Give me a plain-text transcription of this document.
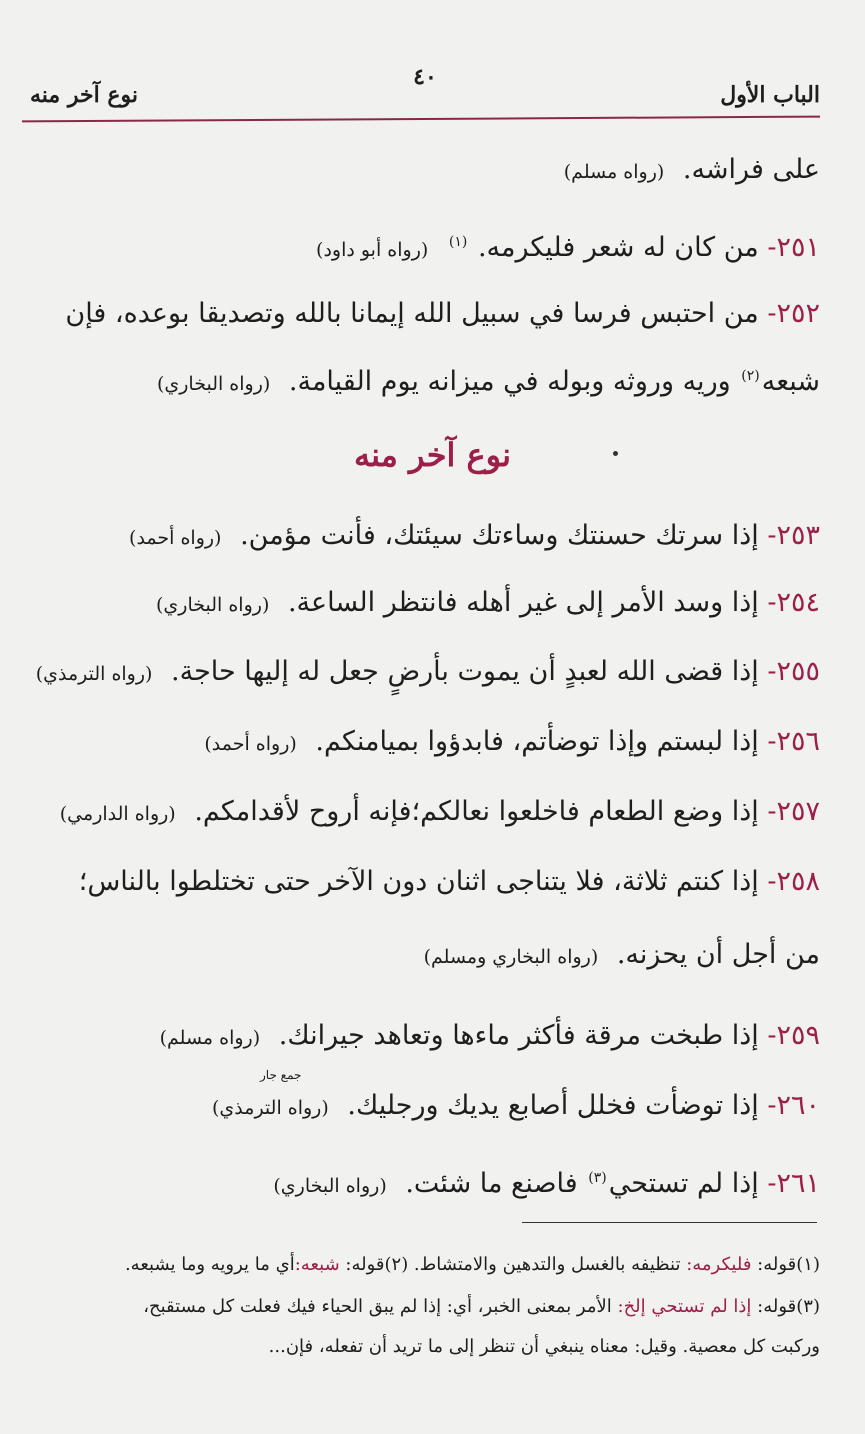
الباب الأول
٤٠
نوع آخر منه
على فراشه. (رواه مسلم)
٢٥١- من كان له شعر فليكرمه. $^{(١)}$ (رواه أبو داود)
٢٥٢- من احتبس فرسا في سبيل الله إيمانا بالله وتصديقا بوعده، فإن
شبعه$^{(٢)}$ وريه وروثه وبوله في ميزانه يوم القيامة. (رواه البخاري)
نوع آخر منه
٢٥٣- إذا سرتك حسنتك وساءتك سيئتك، فأنت مؤمن. (رواه أحمد)
٢٥٤- إذا وسد الأمر إلى غير أهله فانتظر الساعة. (رواه البخاري)
٢٥٥- إذا قضى الله لعبدٍ أن يموت بأرضٍ جعل له إليها حاجة. (رواه الترمذي)
٢٥٦- إذا لبستم وإذا توضأتم، فابدؤوا بميامنكم. (رواه أحمد)
٢٥٧- إذا وضع الطعام فاخلعوا نعالكم؛فإنه أروح لأقدامكم. (رواه الدارمي)
٢٥٨- إذا كنتم ثلاثة، فلا يتناجى اثنان دون الآخر حتى تختلطوا بالناس؛
من أجل أن يحزنه. (رواه البخاري ومسلم)
٢٥٩- إذا طبخت مرقة فأكثر ماءها وتعاهد جيرانك. (رواه مسلم)
جمع جار
٢٦٠- إذا توضأت فخلل أصابع يديك ورجليك. (رواه الترمذي)
٢٦١- إذا لم تستحي$^{(٣)}$ فاصنع ما شئت. (رواه البخاري)
(١)قوله: فليكرمه: تنظيفه بالغسل والتدهين والامتشاط. (٢)قوله: شبعه:أي ما يرويه وما يشبعه.
(٣)قوله: إذا لم تستحي إلخ: الأمر بمعنى الخبر، أي: إذا لم يبق الحياء فيك فعلت كل مستقبح،
وركبت كل معصية. وقيل: معناه ينبغي أن تنظر إلى ما تريد أن تفعله، فإن...
